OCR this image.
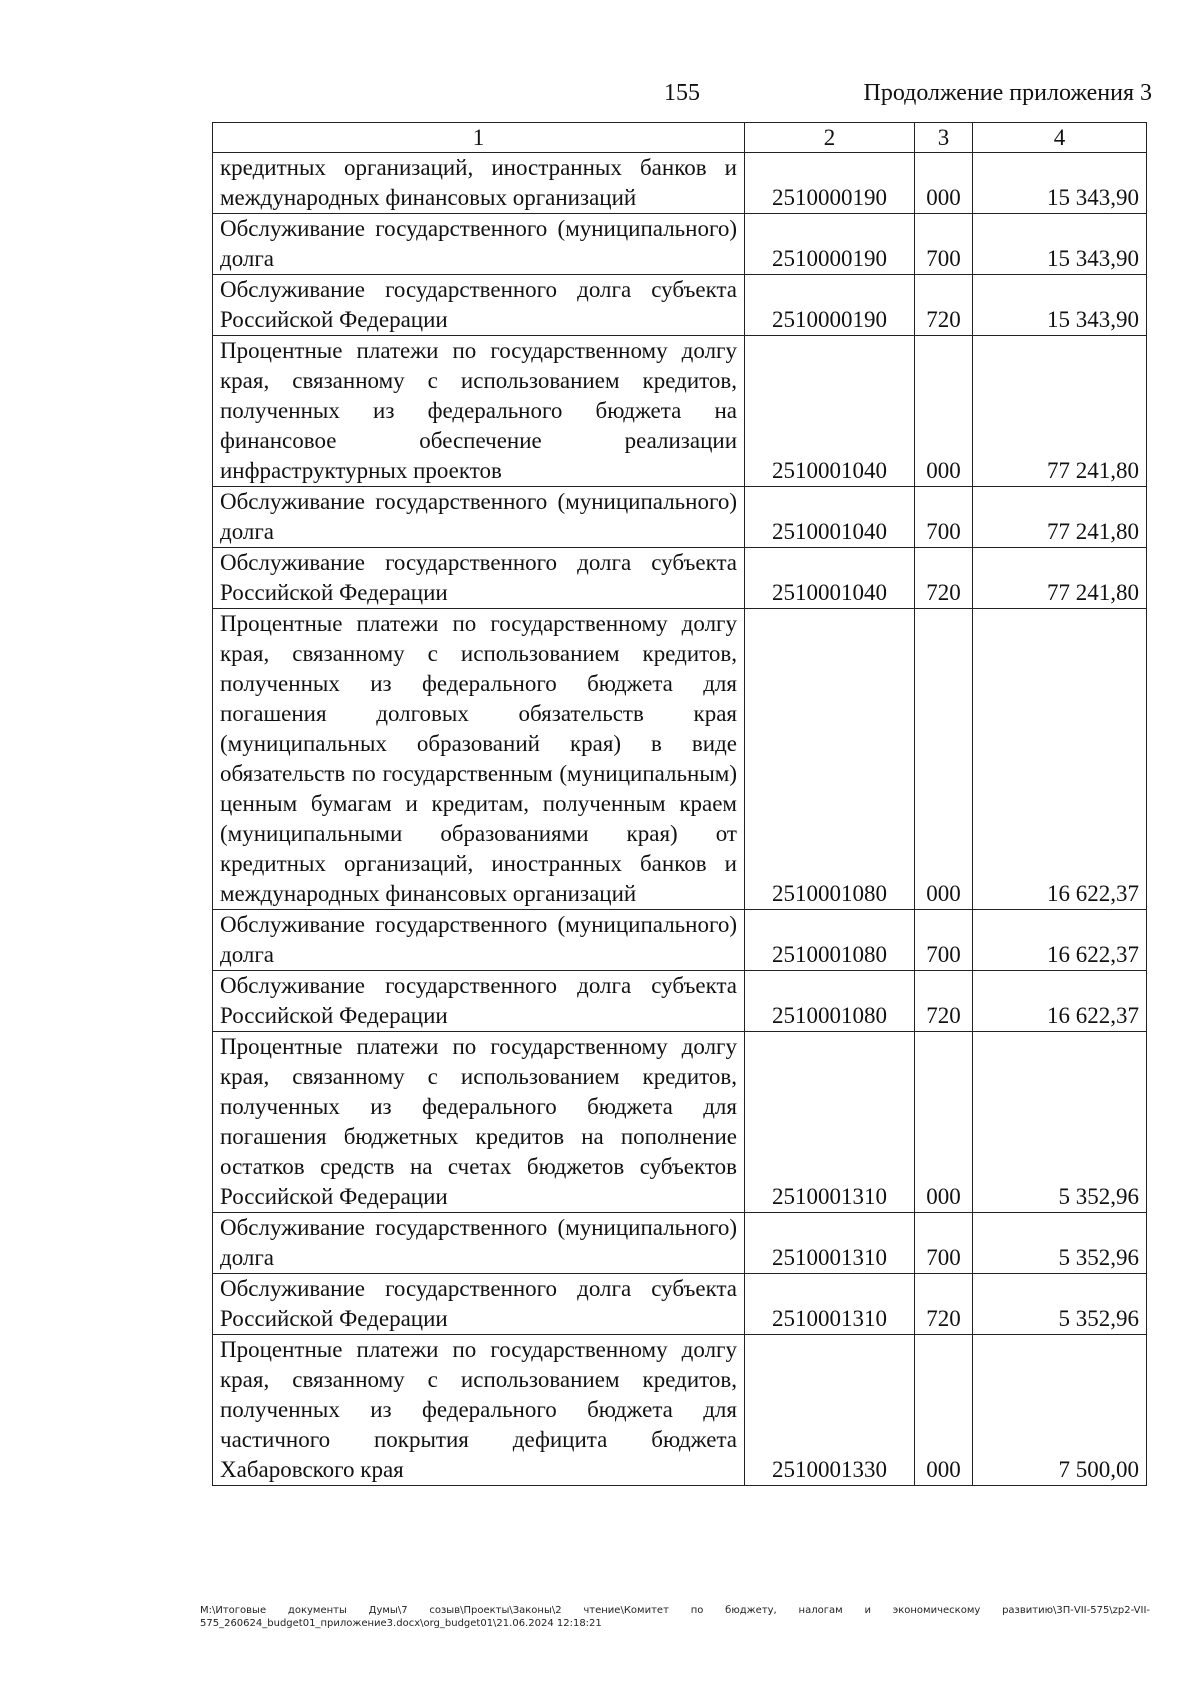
155	Продолжение приложения 3
1	2	3	4
кредитных организаций, иностранных банков и международных финансовых организаций	2510000190	000	15 343,90
Обслуживание государственного (муниципального) долга	2510000190	700	15 343,90
Обслуживание государственного долга субъекта Российской Федерации	2510000190	720	15 343,90
Процентные платежи по государственному долгу края, связанному с использованием кредитов, полученных из федерального бюджета на финансовое обеспечение реализации инфраструктурных проектов	2510001040	000	77 241,80
Обслуживание государственного (муниципального) долга	2510001040	700	77 241,80
Обслуживание государственного долга субъекта Российской Федерации	2510001040	720	77 241,80
Процентные платежи по государственному долгу края, связанному с использованием кредитов, полученных из федерального бюджета для погашения долговых обязательств края (муниципальных образований края) в виде обязательств по государственным (муниципальным) ценным бумагам и кредитам, полученным краем (муниципальными образованиями края) от кредитных организаций, иностранных банков и международных финансовых организаций	2510001080	000	16 622,37
Обслуживание государственного (муниципального) долга	2510001080	700	16 622,37
Обслуживание государственного долга субъекта Российской Федерации	2510001080	720	16 622,37
Процентные платежи по государственному долгу края, связанному с использованием кредитов, полученных из федерального бюджета для погашения бюджетных кредитов на пополнение остатков средств на счетах бюджетов субъектов Российской Федерации	2510001310	000	5 352,96
Обслуживание государственного (муниципального) долга	2510001310	700	5 352,96
Обслуживание государственного долга субъекта Российской Федерации	2510001310	720	5 352,96
Процентные платежи по государственному долгу края, связанному с использованием кредитов, полученных из федерального бюджета для частичного покрытия дефицита бюджета Хабаровского края	2510001330	000	7 500,00
M:\Итоговые документы Думы\7 созыв\Проекты\Законы\2 чтение\Комитет по бюджету, налогам и экономическому развитию\3П-VII-575\zp2-VII-575_260624_budget01_приложение3.docx\org_budget01\21.06.2024 12:18:21
